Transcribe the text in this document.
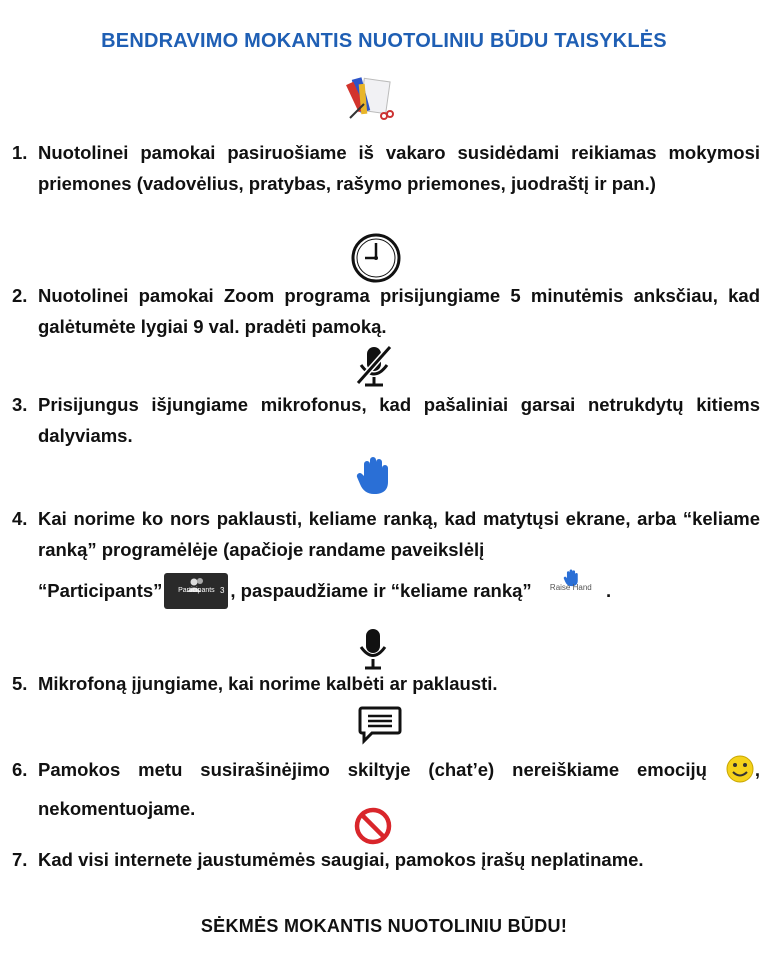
BENDRAVIMO MOKANTIS NUOTOLINIU BŪDU TAISYKLĖS
1. Nuotolinei pamokai pasiruošiame iš vakaro susidėdami reikiamas mokymosi priemones (vadovėlius, pratybas, rašymo priemones, juodraštį ir pan.)
2. Nuotolinei pamokai Zoom programa prisijungiame 5 minutėmis anksčiau, kad galėtumėte lygiai 9 val. pradėti pamoką.
3. Prisijungus išjungiame mikrofonus, kad pašaliniai garsai netrukdytų kitiems dalyviams.
4. Kai norime ko nors paklausti, keliame ranką, kad matytųsi ekrane, arba “keliame ranką” programėlėje (apačioje randame paveikslėlį
“Participants”	3
Participants , paspaudžiame ir “keliame ranką”	Raise Hand .
5. Mikrofoną įjungiame, kai norime kalbėti ar paklausti.
6. Pamokos metu susirašinėjimo skiltyje (chat’e) nereiškiame emocijų	, nekomentuojame.
7. Kad visi internete jaustumėmės saugiai, pamokos įrašų neplatiname.
SĖKMĖS MOKANTIS NUOTOLINIU BŪDU!
